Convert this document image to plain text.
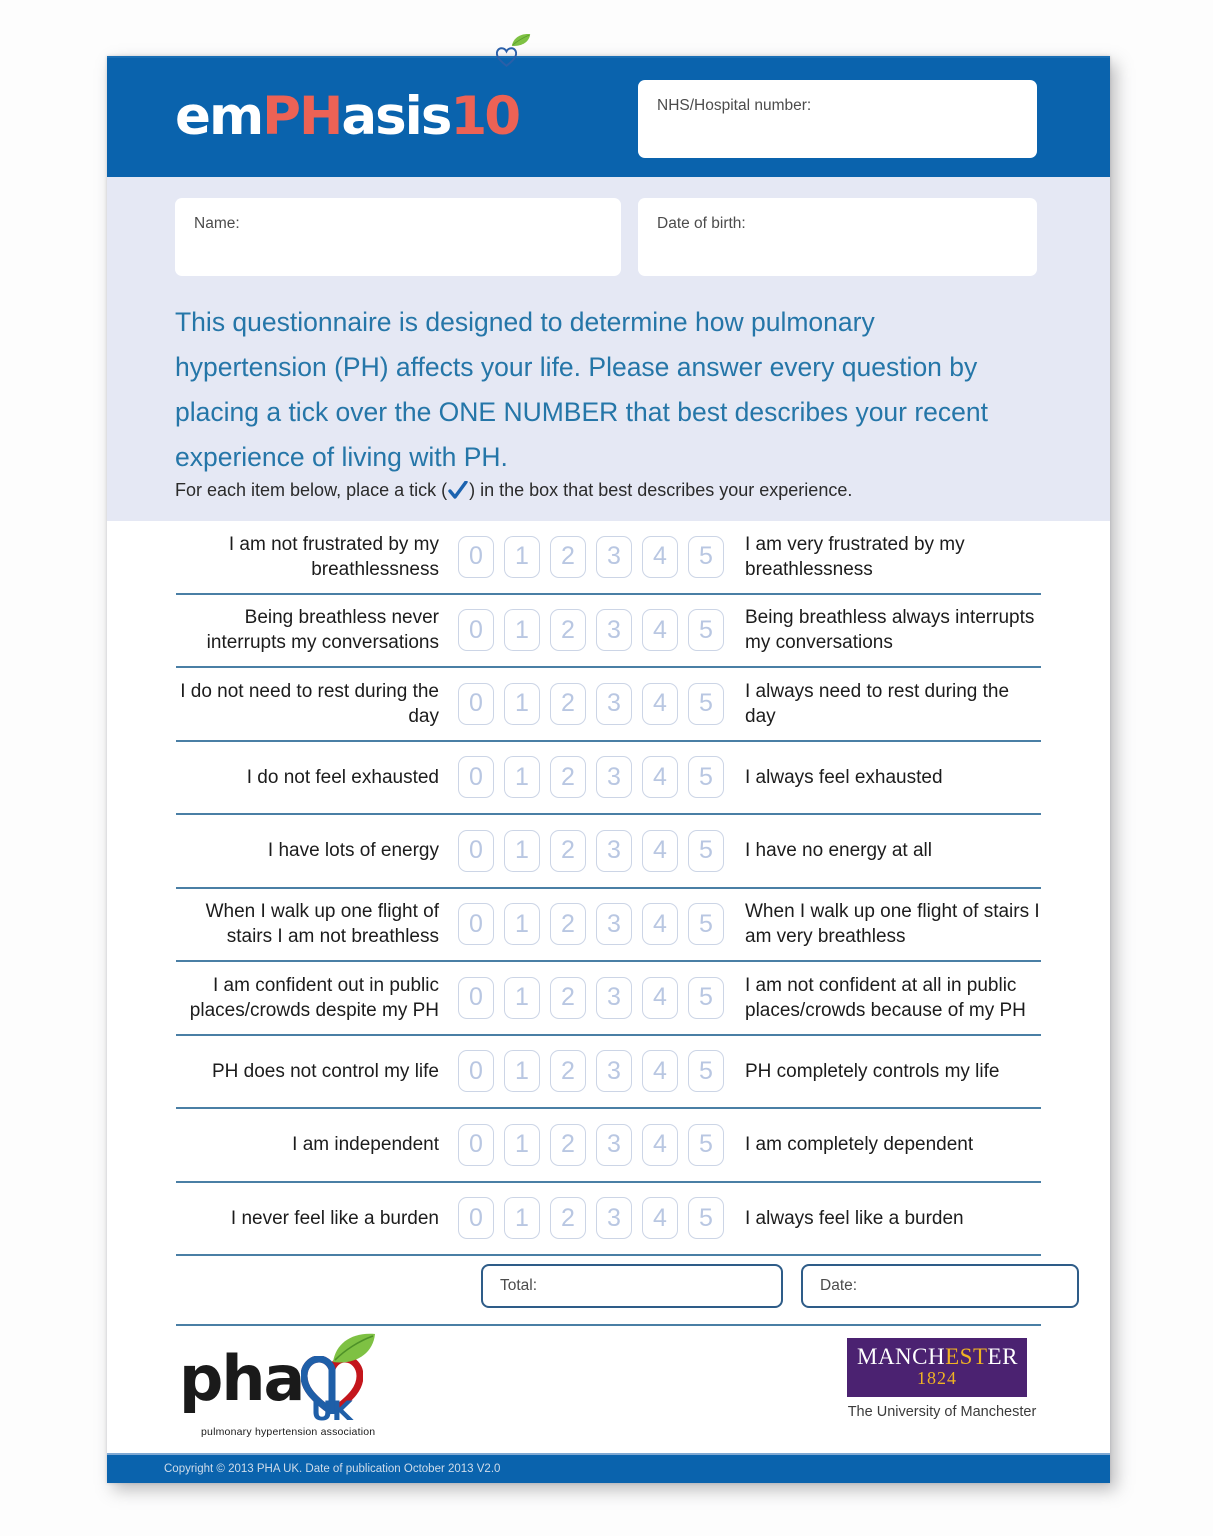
em PH asis 1 0	NHS/Hospital number:
Name:	Date of birth:
This questionnaire is designed to determine how pulmonary hypertension (PH) affects your life. Please answer every question by placing a tick over the ONE NUMBER that best describes your recent experience of living with PH.
For each item below, place a tick ( ) in the box that best describes your experience.
I am not frustrated by my breathlessness	0	1	2	3	4	5	I am very frustrated by my breathlessness
Being breathless never interrupts my conversations	0	1	2	3	4	5	Being breathless always interrupts my conversations
I do not need to rest during the day	0	1	2	3	4	5	I always need to rest during the day
I do not feel exhausted	0	1	2	3	4	5	I always feel exhausted
I have lots of energy	0	1	2	3	4	5	I have no energy at all
When I walk up one flight of stairs I am not breathless	0	1	2	3	4	5	When I walk up one flight of stairs I am very breathless
I am confident out in public places/crowds despite my PH	0	1	2	3	4	5	I am not confident at all in public places/crowds because of my PH
PH does not control my life	0	1	2	3	4	5	PH completely controls my life
I am independent	0	1	2	3	4	5	I am completely dependent
I never feel like a burden	0	1	2	3	4	5	I always feel like a burden
Total:	Date:
pha UK
pulmonary hypertension association
MANCHESTER
1824
The University of Manchester
Copyright © 2013 PHA UK. Date of publication October 2013 V2.0
